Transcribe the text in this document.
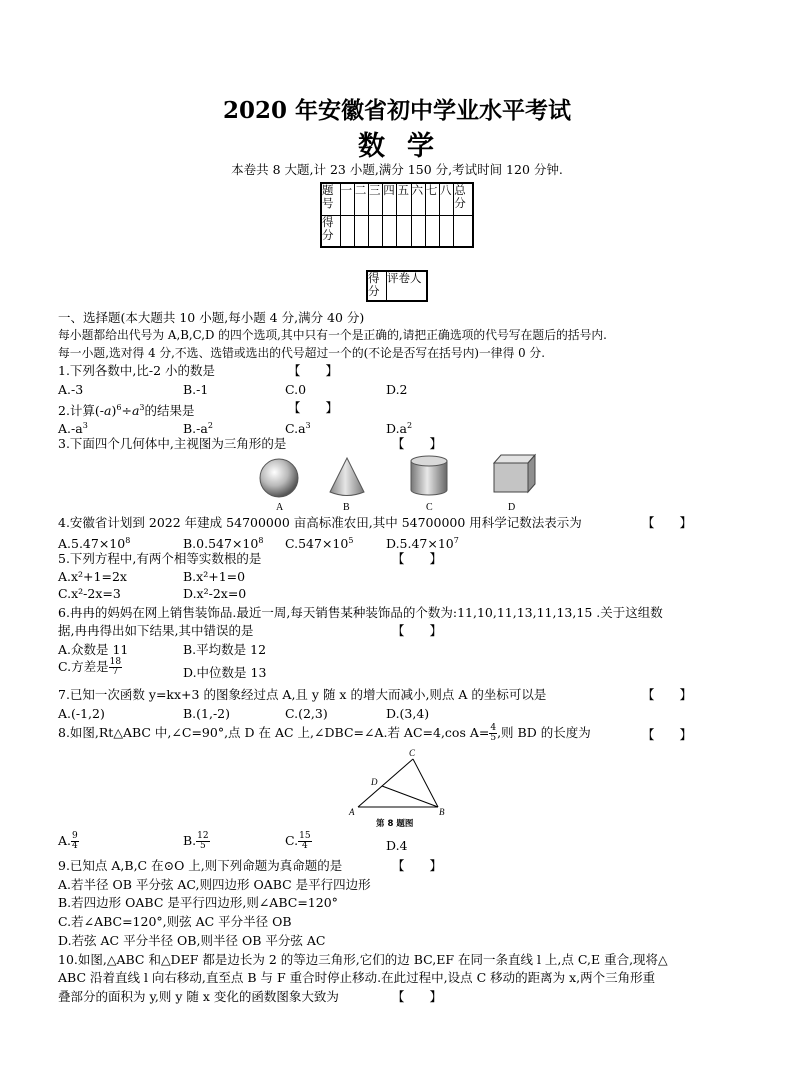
2020 年安徽省初中学业水平考试
数学
本卷共 8 大题,计 23 小题,满分 150 分,考试时间 120 分钟.
题号	一	二	三	四	五	六	七	八	总分
得分									
得分	评卷人
一、选择题(本大题共 10 小题,每小题 4 分,满分 40 分)
每小题都给出代号为 A,B,C,D 的四个选项,其中只有一个是正确的,请把正确选项的代号写在题后的括号内.
每一小题,选对得 4 分,不选、选错或选出的代号超过一个的(不论是否写在括号内)一律得 0 分.
1.下列各数中,比-2 小的数是	【　　】
A.-3	B.-1	C.0	D.2
2.计算$(-a)^6\div a^3$的结果是	【　　】
$A.-a^3$	$B.-a^2$	$C.a^3$	$D.a^2$
3.下面四个几何体中,主视图为三角形的是	【　　】
A	B	C	D
4.安徽省计划到 2022 年建成 54700000 亩高标准农田,其中 54700000 用科学记数法表示为	【　　】
$A.5.47\times 10^8$	$B.0.547\times 10^8$ $C.547\times 10^5$	$D.5.47\times 10^7$
5.下列方程中,有两个相等实数根的是	【　　】
A.x²+1=2x	B.x²+1=0
C.x²-2x=3	D.x²-2x=0
6.冉冉的妈妈在网上销售装饰品.最近一周,每天销售某种装饰品的个数为:11,10,11,13,11,13,15 .关于这组数
据,冉冉得出如下结果,其中错误的是	【　　】
A.众数是 11	B.平均数是 12
C.方差是 $\frac{18}{7}$	D.中位数是 13
7.已知一次函数 y=kx+3 的图象经过点 A,且 y 随 x 的增大而减小,则点 A 的坐标可以是	【　　】
A.(-1,2)	B.(1,-2)	C.(2,3)	D.(3,4)
8.如图,Rt△ABC 中,∠C=90°,点 D 在 AC 上,∠DBC=∠A.若 AC=4,cos $A= \frac{4}{5}$ ,则 BD 的长度为	【　　】
C
D
A	B
第 8 题图
A. $\frac{9}{4}$	B. $\frac{12}{5}$	C. $\frac{15}{4}$	D.4
9.已知点 A,B,C 在⊙O 上,则下列命题为真命题的是	【　　】
A.若半径 OB 平分弦 AC,则四边形 OABC 是平行四边形
B.若四边形 OABC 是平行四边形,则∠ABC=120°
C.若∠ABC=120°,则弦 AC 平分半径 OB
D.若弦 AC 平分半径 OB,则半径 OB 平分弦 AC
10.如图,△ABC 和△DEF 都是边长为 2 的等边三角形,它们的边 BC,EF 在同一条直线 l 上,点 C,E 重合,现将△
ABC 沿着直线 l 向右移动,直至点 B 与 F 重合时停止移动.在此过程中,设点 C 移动的距离为 x,两个三角形重
叠部分的面积为 y,则 y 随 x 变化的函数图象大致为	【　　】
